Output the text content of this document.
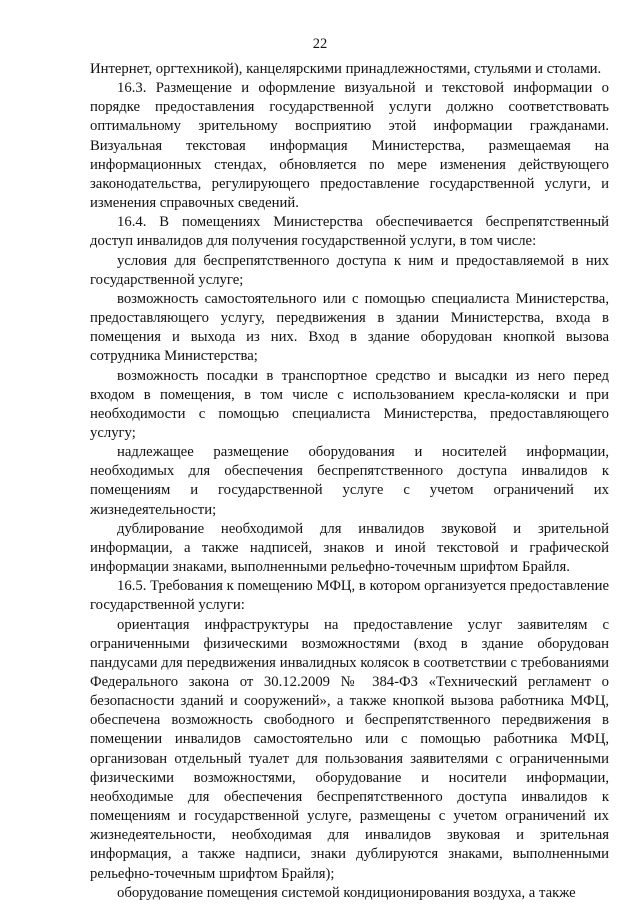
22

Интернет, оргтехникой), канцелярскими принадлежностями, стульями и столами.

16.3. Размещение и оформление визуальной и текстовой информации о порядке предоставления государственной услуги должно соответствовать оптимальному зрительному восприятию этой информации гражданами. Визуальная текстовая информация Министерства, размещаемая на информационных стендах, обновляется по мере изменения действующего законодательства, регулирующего предоставление государственной услуги, и изменения справочных сведений.

16.4. В помещениях Министерства обеспечивается беспрепятственный доступ инвалидов для получения государственной услуги, в том числе:

условия для беспрепятственного доступа к ним и предоставляемой в них государственной услуге;

возможность самостоятельного или с помощью специалиста Министерства, предоставляющего услугу, передвижения в здании Министерства, входа в помещения и выхода из них. Вход в здание оборудован кнопкой вызова сотрудника Министерства;

возможность посадки в транспортное средство и высадки из него перед входом в помещения, в том числе с использованием кресла-коляски и при необходимости с помощью специалиста Министерства, предоставляющего услугу;

надлежащее размещение оборудования и носителей информации, необходимых для обеспечения беспрепятственного доступа инвалидов к помещениям и государственной услуге с учетом ограничений их жизнедеятельности;

дублирование необходимой для инвалидов звуковой и зрительной информации, а также надписей, знаков и иной текстовой и графической информации знаками, выполненными рельефно-точечным шрифтом Брайля.

16.5. Требования к помещению МФЦ, в котором организуется предоставление государственной услуги:

ориентация инфраструктуры на предоставление услуг заявителям с ограниченными физическими возможностями (вход в здание оборудован пандусами для передвижения инвалидных колясок в соответствии с требованиями Федерального закона от 30.12.2009 № 384-ФЗ «Технический регламент о безопасности зданий и сооружений», а также кнопкой вызова работника МФЦ, обеспечена возможность свободного и беспрепятственного передвижения в помещении инвалидов самостоятельно или с помощью работника МФЦ, организован отдельный туалет для пользования заявителями с ограниченными физическими возможностями, оборудование и носители информации, необходимые для обеспечения беспрепятственного доступа инвалидов к помещениям и государственной услуге, размещены с учетом ограничений их жизнедеятельности, необходимая для инвалидов звуковая и зрительная информация, а также надписи, знаки дублируются знаками, выполненными рельефно-точечным шрифтом Брайля);

оборудование помещения системой кондиционирования воздуха, а также
